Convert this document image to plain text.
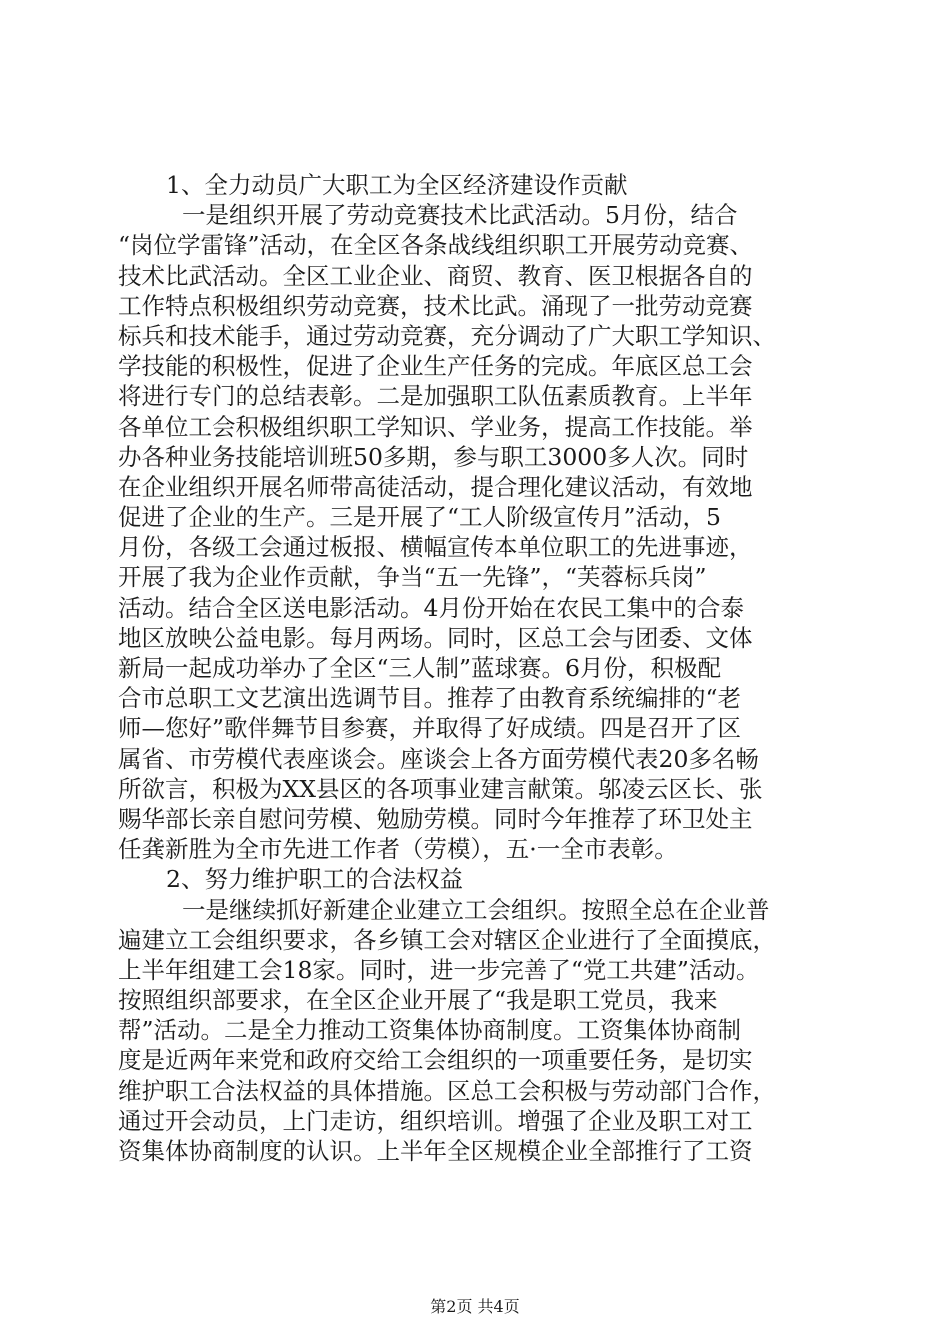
1、全力动员广大职工为全区经济建设作贡献
一是组织开展了劳动竞赛技术比武活动。5月份，结合
“岗位学雷锋”活动，在全区各条战线组织职工开展劳动竞赛、
技术比武活动。全区工业企业、商贸、教育、医卫根据各自的
工作特点积极组织劳动竞赛，技术比武。涌现了一批劳动竞赛
标兵和技术能手，通过劳动竞赛，充分调动了广大职工学知识、
学技能的积极性，促进了企业生产任务的完成。年底区总工会
将进行专门的总结表彰。二是加强职工队伍素质教育。上半年
各单位工会积极组织职工学知识、学业务，提高工作技能。举
办各种业务技能培训班50多期，参与职工3000多人次。同时
在企业组织开展名师带高徒活动，提合理化建议活动，有效地
促进了企业的生产。三是开展了“工人阶级宣传月”活动，5
月份，各级工会通过板报、横幅宣传本单位职工的先进事迹，
开展了我为企业作贡献，争当“五一先锋”，“芙蓉标兵岗”
活动。结合全区送电影活动。4月份开始在农民工集中的合泰
地区放映公益电影。每月两场。同时，区总工会与团委、文体
新局一起成功举办了全区“三人制”蓝球赛。6月份，积极配
合市总职工文艺演出选调节目。推荐了由教育系统编排的“老
师—您好”歌伴舞节目参赛，并取得了好成绩。四是召开了区
属省、市劳模代表座谈会。座谈会上各方面劳模代表20多名畅
所欲言，积极为XX县区的各项事业建言献策。邬凌云区长、张
赐华部长亲自慰问劳模、勉励劳模。同时今年推荐了环卫处主
任龚新胜为全市先进工作者（劳模），五·一全市表彰。
2、努力维护职工的合法权益
一是继续抓好新建企业建立工会组织。按照全总在企业普
遍建立工会组织要求，各乡镇工会对辖区企业进行了全面摸底，
上半年组建工会18家。同时，进一步完善了“党工共建”活动。
按照组织部要求，在全区企业开展了“我是职工党员，我来
帮”活动。二是全力推动工资集体协商制度。工资集体协商制
度是近两年来党和政府交给工会组织的一项重要任务，是切实
维护职工合法权益的具体措施。区总工会积极与劳动部门合作，
通过开会动员，上门走访，组织培训。增强了企业及职工对工
资集体协商制度的认识。上半年全区规模企业全部推行了工资
第2页 共4页
